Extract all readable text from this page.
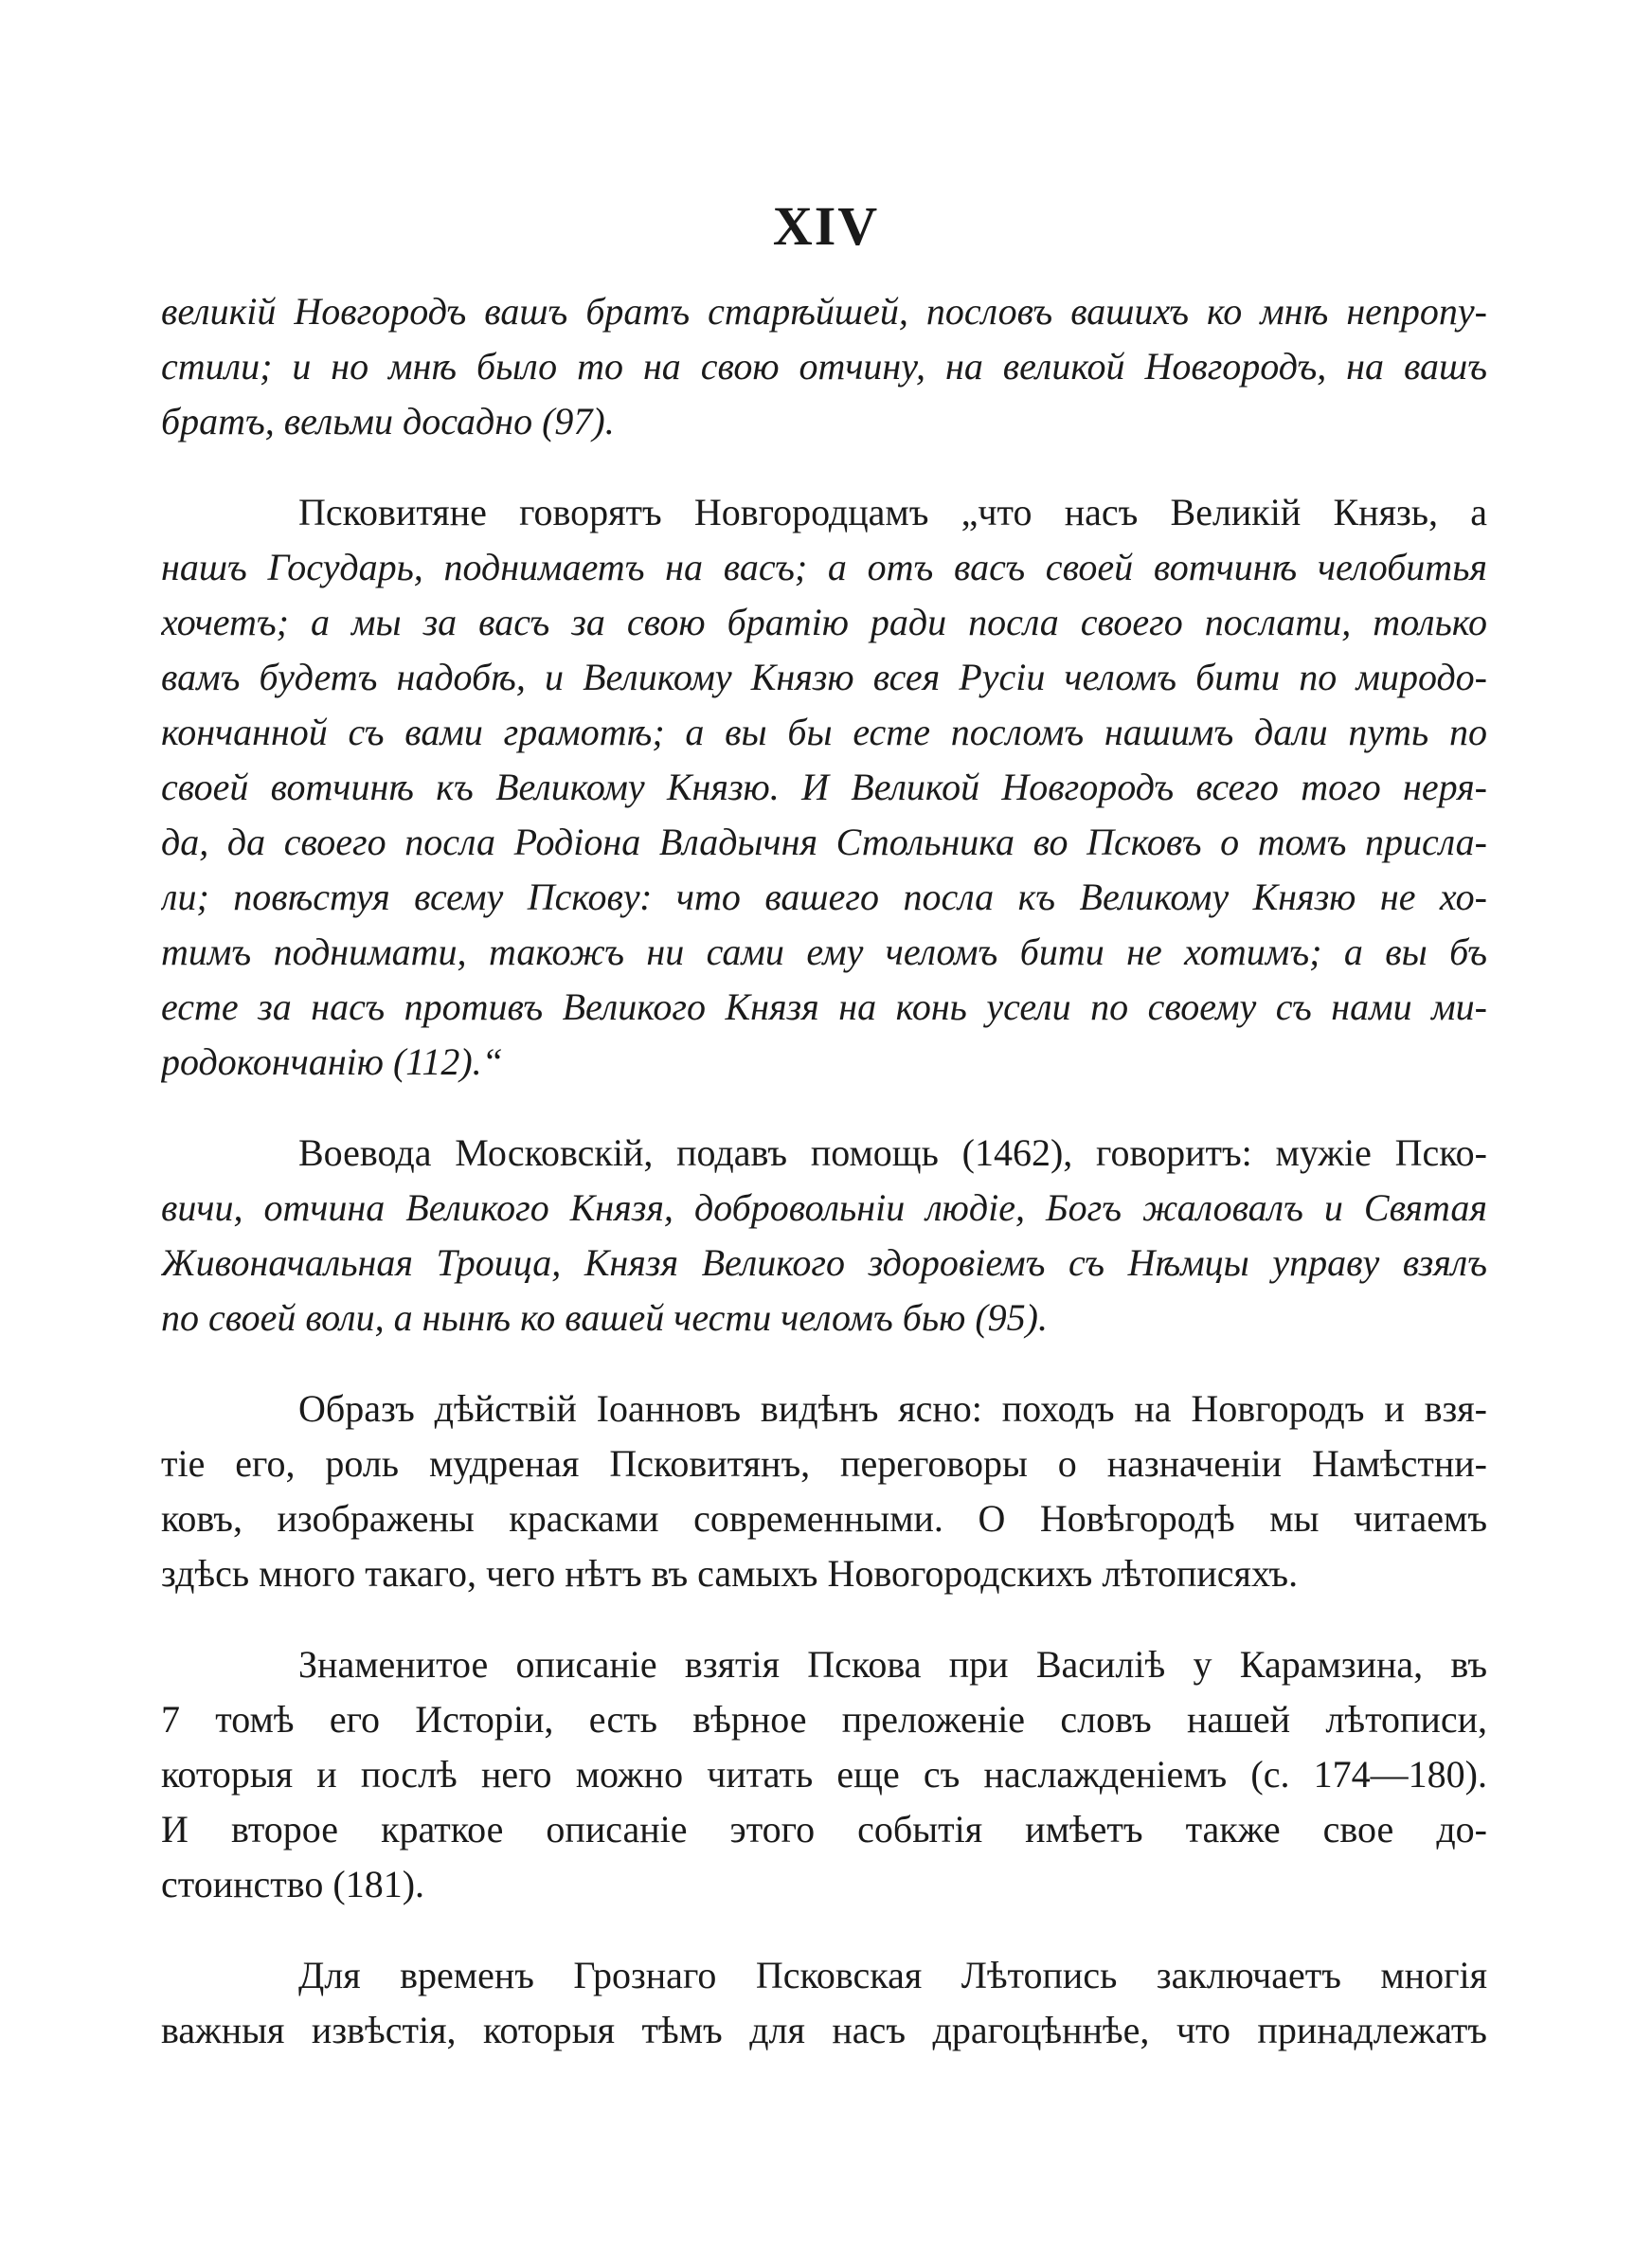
XIV
великій Новгородъ вашъ братъ старѣйшей, пословъ вашихъ ко мнѣ непропу-
стили; и но мнѣ было то на свою отчину, на великой Новгородъ, на вашъ
братъ, вельми досадно (97).
Псковитяне говорятъ Новгородцамъ „что насъ Великій Князь, а
нашъ Государь, поднимаетъ на васъ; а отъ васъ своей вотчинѣ челобитья
хочетъ; а мы за васъ за свою братію ради посла своего послати, только
вамъ будетъ надобѣ, и Великому Князю всея Русіи челомъ бити по миродо-
кончанной съ вами грамотѣ; а вы бы есте посломъ нашимъ дали путь по
своей вотчинѣ къ Великому Князю. И Великой Новгородъ всего того неря-
да, да своего посла Родіона Владычня Стольника во Псковъ о томъ присла-
ли; повѣстуя всему Пскову: что вашего посла къ Великому Князю не хо-
тимъ поднимати, такожъ ни сами ему челомъ бити не хотимъ; а вы бъ
есте за насъ противъ Великого Князя на конь усели по своему съ нами ми-
родокончанію (112).“
Воевода Московскій, подавъ помощь (1462), говоритъ: мужіе Пско-
вичи, отчина Великого Князя, добровольніи людіе, Богъ жаловалъ и Святая
Живоначальная Троица, Князя Великого здоровіемъ съ Нѣмцы управу взялъ
по своей воли, а нынѣ ко вашей чести челомъ бью (95).
Образъ дѣйствій Іоанновъ видѣнъ ясно: походъ на Новгородъ и взя-
тіе его, роль мудреная Псковитянъ, переговоры о назначеніи Намѣстни-
ковъ, изображены красками современными. О Новѣгородѣ мы читаемъ
здѣсь много такаго, чего нѣтъ въ самыхъ Новогородскихъ лѣтописяхъ.
Знаменитое описаніе взятія Пскова при Василіѣ у Карамзина, въ
7 томѣ его Исторіи, есть вѣрное преложеніе словъ нашей лѣтописи,
которыя и послѣ него можно читать еще съ наслажденіемъ (с. 174—180).
И второе краткое описаніе этого событія имѣетъ также свое до-
стоинство (181).
Для временъ Грознаго Псковская Лѣтопись заключаетъ многія
важныя извѣстія, которыя тѣмъ для насъ драгоцѣннѣе, что принадлежатъ
